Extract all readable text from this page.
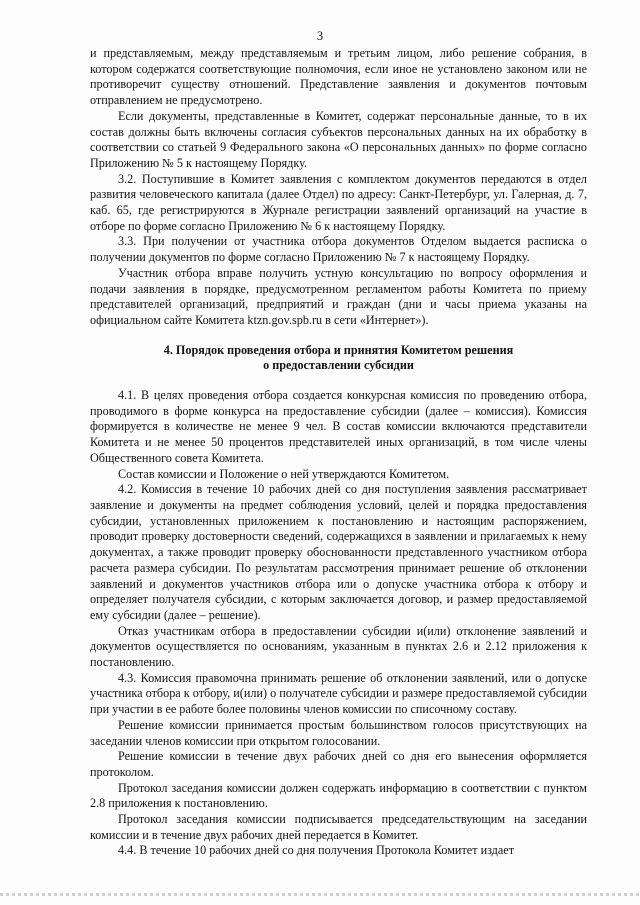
3

и представляемым, между представляемым и третьим лицом, либо решение собрания, в котором содержатся соответствующие полномочия, если иное не установлено законом или не противоречит существу отношений. Представление заявления и документов почтовым отправлением не предусмотрено.

Если документы, представленные в Комитет, содержат персональные данные, то в их состав должны быть включены согласия субъектов персональных данных на их обработку в соответствии со статьей 9 Федерального закона «О персональных данных» по форме согласно Приложению № 5 к настоящему Порядку.

3.2. Поступившие в Комитет заявления с комплектом документов передаются в отдел развития человеческого капитала (далее Отдел) по адресу: Санкт-Петербург, ул. Галерная, д. 7, каб. 65, где регистрируются в Журнале регистрации заявлений организаций на участие в отборе по форме согласно Приложению № 6 к настоящему Порядку.

3.3. При получении от участника отбора документов Отделом выдается расписка о получении документов по форме согласно Приложению № 7 к настоящему Порядку.

Участник отбора вправе получить устную консультацию по вопросу оформления и подачи заявления в порядке, предусмотренном регламентом работы Комитета по приему представителей организаций, предприятий и граждан (дни и часы приема указаны на официальном сайте Комитета ktzn.gov.spb.ru в сети «Интернет»).

4. Порядок проведения отбора и принятия Комитетом решения

о предоставлении субсидии

4.1. В целях проведения отбора создается конкурсная комиссия по проведению отбора, проводимого в форме конкурса на предоставление субсидии (далее – комиссия). Комиссия формируется в количестве не менее 9 чел. В состав комиссии включаются представители Комитета и не менее 50 процентов представителей иных организаций, в том числе члены Общественного совета Комитета.

Состав комиссии и Положение о ней утверждаются Комитетом.

4.2. Комиссия в течение 10 рабочих дней со дня поступления заявления рассматривает заявление и документы на предмет соблюдения условий, целей и порядка предоставления субсидии, установленных приложением к постановлению и настоящим распоряжением, проводит проверку достоверности сведений, содержащихся в заявлении и прилагаемых к нему документах, а также проводит проверку обоснованности представленного участником отбора расчета размера субсидии. По результатам рассмотрения принимает решение об отклонении заявлений и документов участников отбора или о допуске участника отбора к отбору и определяет получателя субсидии, с которым заключается договор, и размер предоставляемой ему субсидии (далее – решение).

Отказ участникам отбора в предоставлении субсидии и(или) отклонение заявлений и документов осуществляется по основаниям, указанным в пунктах 2.6 и 2.12 приложения к постановлению.

4.3. Комиссия правомочна принимать решение об отклонении заявлений, или о допуске участника отбора к отбору, и(или) о получателе субсидии и размере предоставляемой субсидии при участии в ее работе более половины членов комиссии по списочному составу.

Решение комиссии принимается простым большинством голосов присутствующих на заседании членов комиссии при открытом голосовании.

Решение комиссии в течение двух рабочих дней со дня его вынесения оформляется протоколом.

Протокол заседания комиссии должен содержать информацию в соответствии с пунктом 2.8 приложения к постановлению.

Протокол заседания комиссии подписывается председательствующим на заседании комиссии и в течение двух рабочих дней передается в Комитет.

4.4. В течение 10 рабочих дней со дня получения Протокола Комитет издает
